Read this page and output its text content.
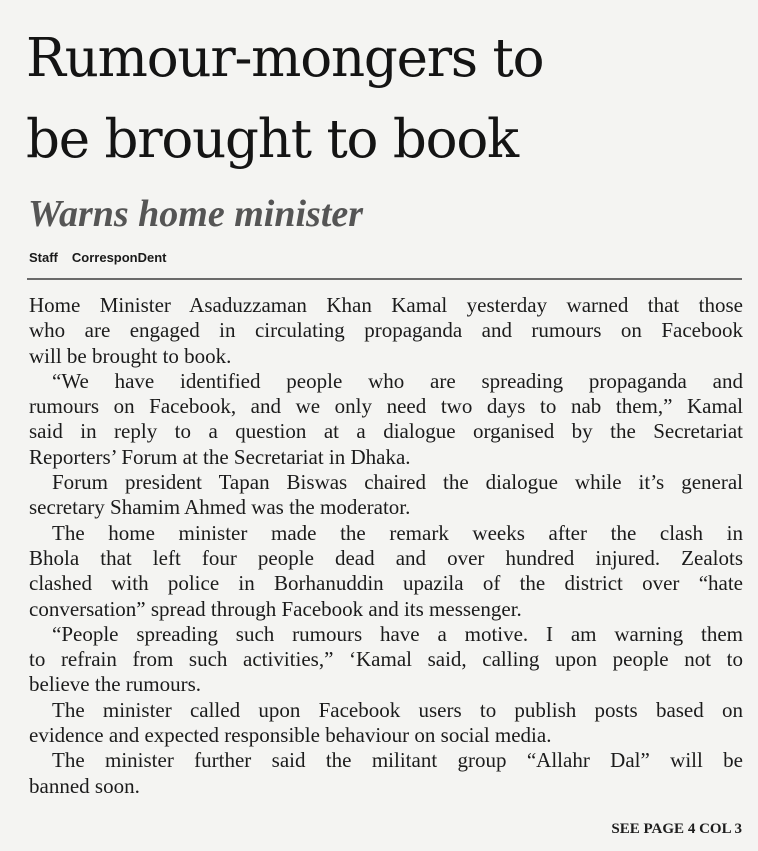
Rumour-mongers to
be brought to book
Warns home minister
Staff CorresponDent

Home Minister Asaduzzaman Khan Kamal yesterday warned that those
who are engaged in circulating propaganda and rumours on Facebook
will be brought to book.

“We have identified people who are spreading propaganda and
rumours on Facebook, and we only need two days to nab them,” Kamal
said in reply to a question at a dialogue organised by the Secretariat
Reporters’ Forum at the Secretariat in Dhaka.

Forum president Tapan Biswas chaired the dialogue while it’s general
secretary Shamim Ahmed was the moderator.

The home minister made the remark weeks after the clash in
Bhola that left four people dead and over hundred injured. Zealots
clashed with police in Borhanuddin upazila of the district over “hate
conversation” spread through Facebook and its messenger.

“People spreading such rumours have a motive. I am warning them
to refrain from such activities,” ‘Kamal said, calling upon people not to
believe the rumours.

The minister called upon Facebook users to publish posts based on
evidence and expected responsible behaviour on social media.

The minister further said the militant group “Allahr Dal” will be
banned soon.

SEE PAGE 4 COL 3
